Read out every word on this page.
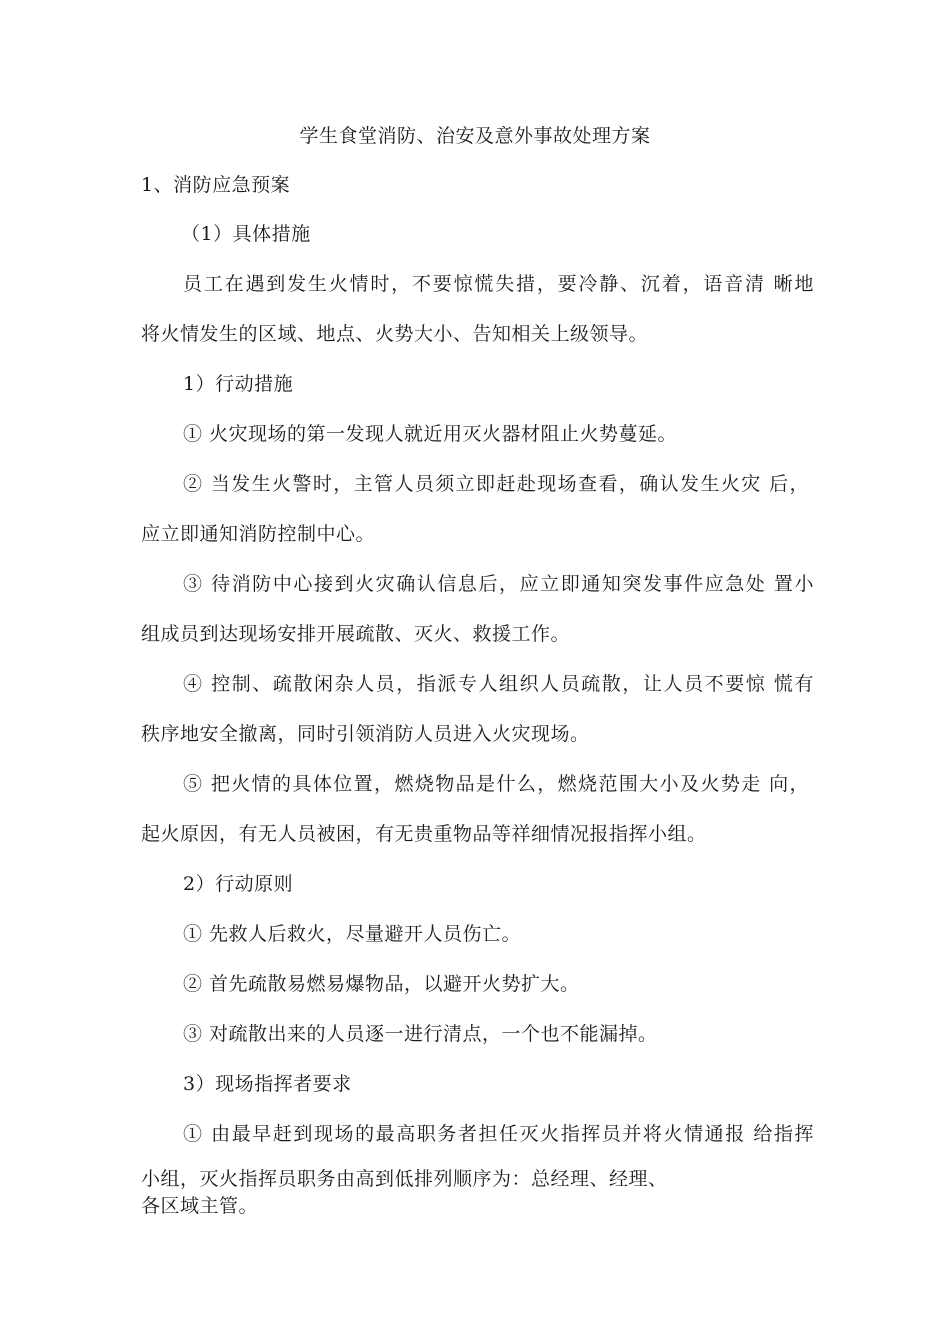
学生食堂消防、治安及意外事故处理方案
1、消防应急预案
（1）具体措施
员工在遇到发生火情时，不要惊慌失措，要冷静、沉着，语音清 晰地
将火情发生的区域、地点、火势大小、告知相关上级领导。
1）行动措施
① 火灾现场的第一发现人就近用灭火器材阻止火势蔓延。
② 当发生火警时，主管人员须立即赶赴现场查看，确认发生火灾 后，
应立即通知消防控制中心。
③ 待消防中心接到火灾确认信息后，应立即通知突发事件应急处 置小
组成员到达现场安排开展疏散、灭火、救援工作。
④ 控制、疏散闲杂人员，指派专人组织人员疏散，让人员不要惊 慌有
秩序地安全撤离，同时引领消防人员进入火灾现场。
⑤ 把火情的具体位置，燃烧物品是什么，燃烧范围大小及火势走 向，
起火原因，有无人员被困，有无贵重物品等祥细情况报指挥小组。
2）行动原则
① 先救人后救火，尽量避开人员伤亡。
② 首先疏散易燃易爆物品，以避开火势扩大。
③ 对疏散出来的人员逐一进行清点，一个也不能漏掉。
3）现场指挥者要求
① 由最早赶到现场的最高职务者担任灭火指挥员并将火情通报 给指挥
小组，灭火指挥员职务由高到低排列顺序为：总经理、经理、
各区域主管。
